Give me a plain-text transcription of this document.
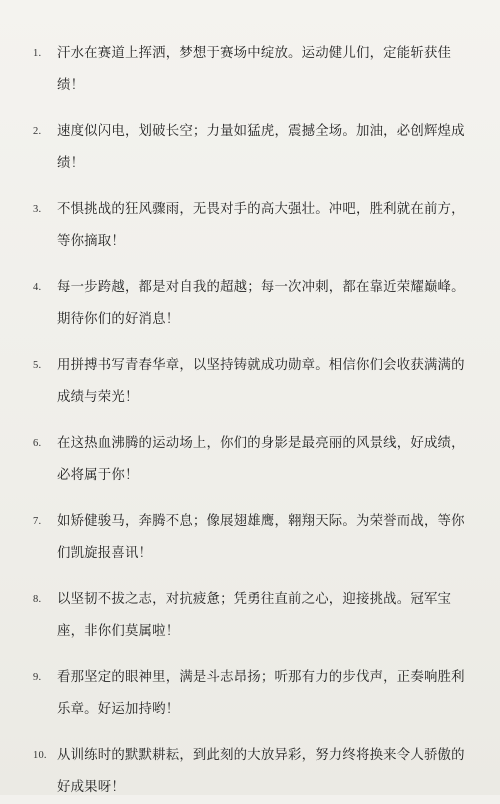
1. 汗水在赛道上挥洒，梦想于赛场中绽放。运动健儿们，定能斩获佳绩！
2. 速度似闪电，划破长空；力量如猛虎，震撼全场。加油，必创辉煌成绩！
3. 不惧挑战的狂风骤雨，无畏对手的高大强壮。冲吧，胜利就在前方，等你摘取！
4. 每一步跨越，都是对自我的超越；每一次冲刺，都在靠近荣耀巅峰。期待你们的好消息！
5. 用拼搏书写青春华章，以坚持铸就成功勋章。相信你们会收获满满的成绩与荣光！
6. 在这热血沸腾的运动场上，你们的身影是最亮丽的风景线，好成绩，必将属于你！
7. 如矫健骏马，奔腾不息；像展翅雄鹰，翱翔天际。为荣誉而战，等你们凯旋报喜讯！
8. 以坚韧不拔之志，对抗疲惫；凭勇往直前之心，迎接挑战。冠军宝座，非你们莫属啦！
9. 看那坚定的眼神里，满是斗志昂扬；听那有力的步伐声，正奏响胜利乐章。好运加持哟！
10. 从训练时的默默耕耘，到此刻的大放异彩，努力终将换来令人骄傲的好成果呀！
